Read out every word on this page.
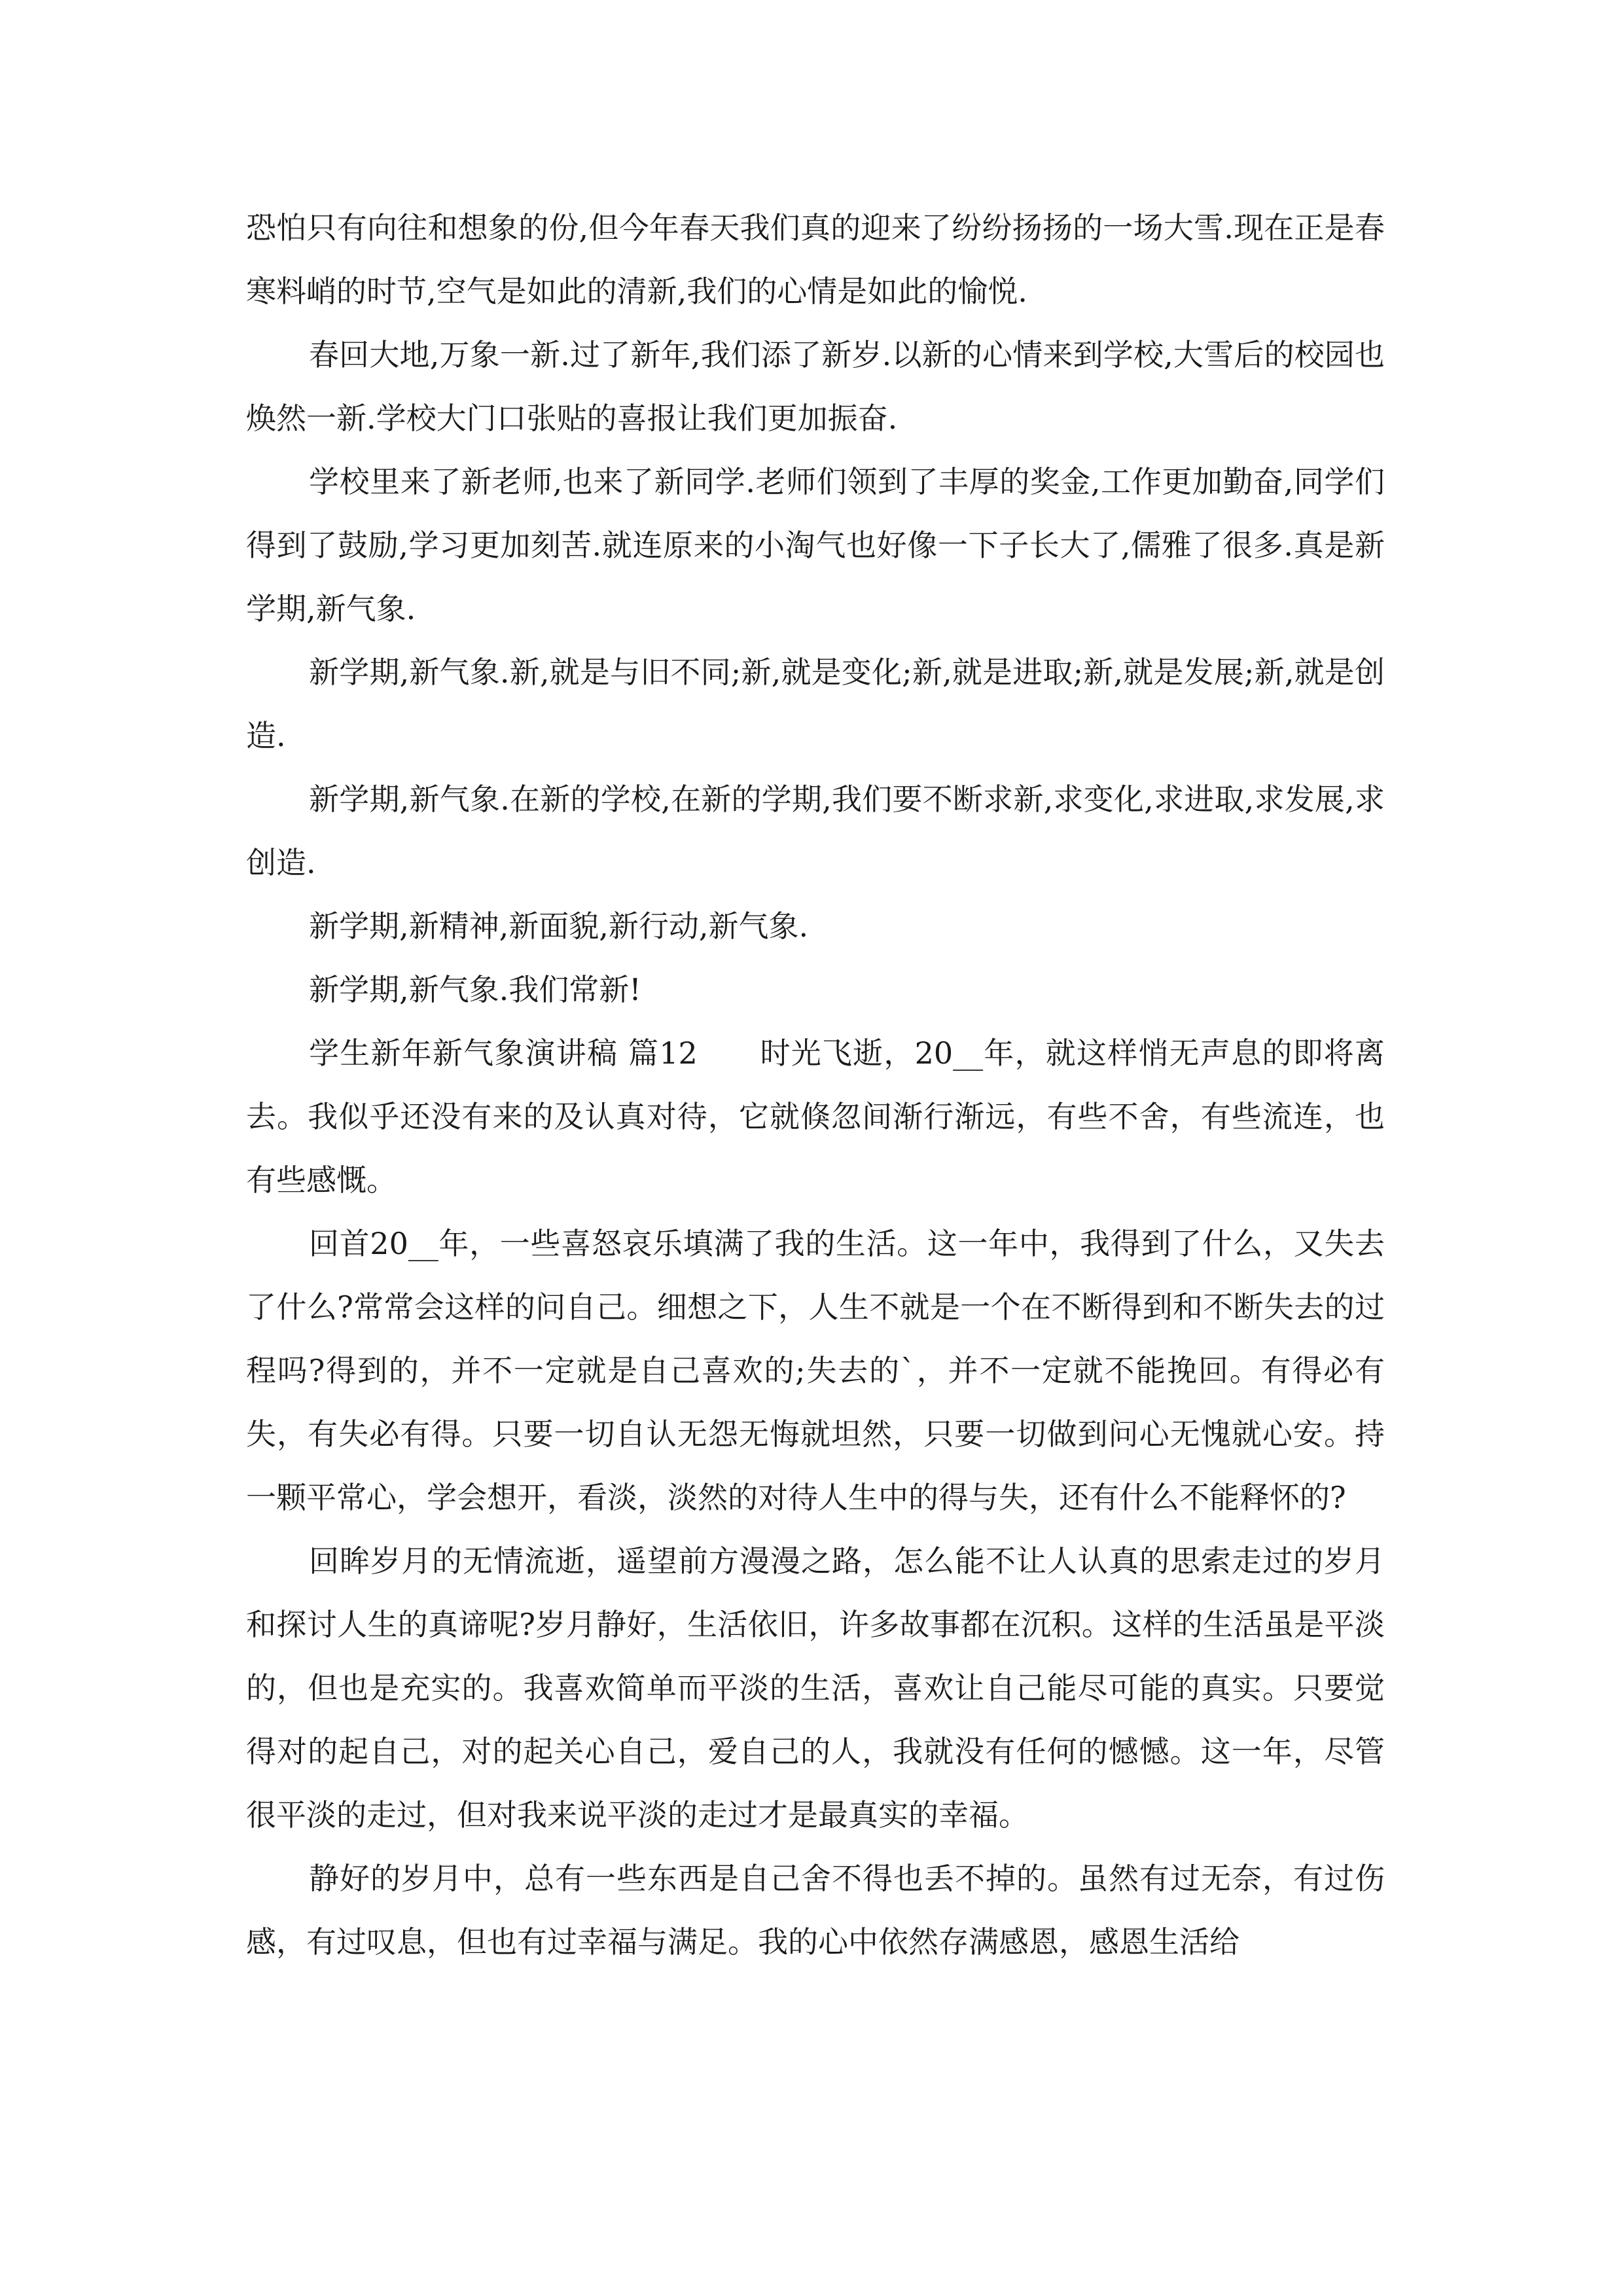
恐怕只有向往和想象的份,但今年春天我们真的迎来了纷纷扬扬的一场大雪.现在正是春寒料峭的时节,空气是如此的清新,我们的心情是如此的愉悦.

春回大地,万象一新.过了新年,我们添了新岁.以新的心情来到学校,大雪后的校园也焕然一新.学校大门口张贴的喜报让我们更加振奋.

学校里来了新老师,也来了新同学.老师们领到了丰厚的奖金,工作更加勤奋,同学们得到了鼓励,学习更加刻苦.就连原来的小淘气也好像一下子长大了,儒雅了很多.真是新学期,新气象.

新学期,新气象.新,就是与旧不同;新,就是变化;新,就是进取;新,就是发展;新,就是创造.

新学期,新气象.在新的学校,在新的学期,我们要不断求新,求变化,求进取,求发展,求创造.

新学期,新精神,新面貌,新行动,新气象.

新学期,新气象.我们常新!

学生新年新气象演讲稿 篇12　　时光飞逝，20__年，就这样悄无声息的即将离去。我似乎还没有来的及认真对待，它就倏忽间渐行渐远，有些不舍，有些流连，也有些感慨。

回首20__年，一些喜怒哀乐填满了我的生活。这一年中，我得到了什么，又失去了什么?常常会这样的问自己。细想之下，人生不就是一个在不断得到和不断失去的过程吗?得到的，并不一定就是自己喜欢的;失去的`，并不一定就不能挽回。有得必有失，有失必有得。只要一切自认无怨无悔就坦然，只要一切做到问心无愧就心安。持一颗平常心，学会想开，看淡，淡然的对待人生中的得与失，还有什么不能释怀的?

回眸岁月的无情流逝，遥望前方漫漫之路，怎么能不让人认真的思索走过的岁月和探讨人生的真谛呢?岁月静好，生活依旧，许多故事都在沉积。这样的生活虽是平淡的，但也是充实的。我喜欢简单而平淡的生活，喜欢让自己能尽可能的真实。只要觉得对的起自己，对的起关心自己，爱自己的人，我就没有任何的憾憾。这一年，尽管很平淡的走过，但对我来说平淡的走过才是最真实的幸福。

静好的岁月中，总有一些东西是自己舍不得也丢不掉的。虽然有过无奈，有过伤感，有过叹息，但也有过幸福与满足。我的心中依然存满感恩，感恩生活给
